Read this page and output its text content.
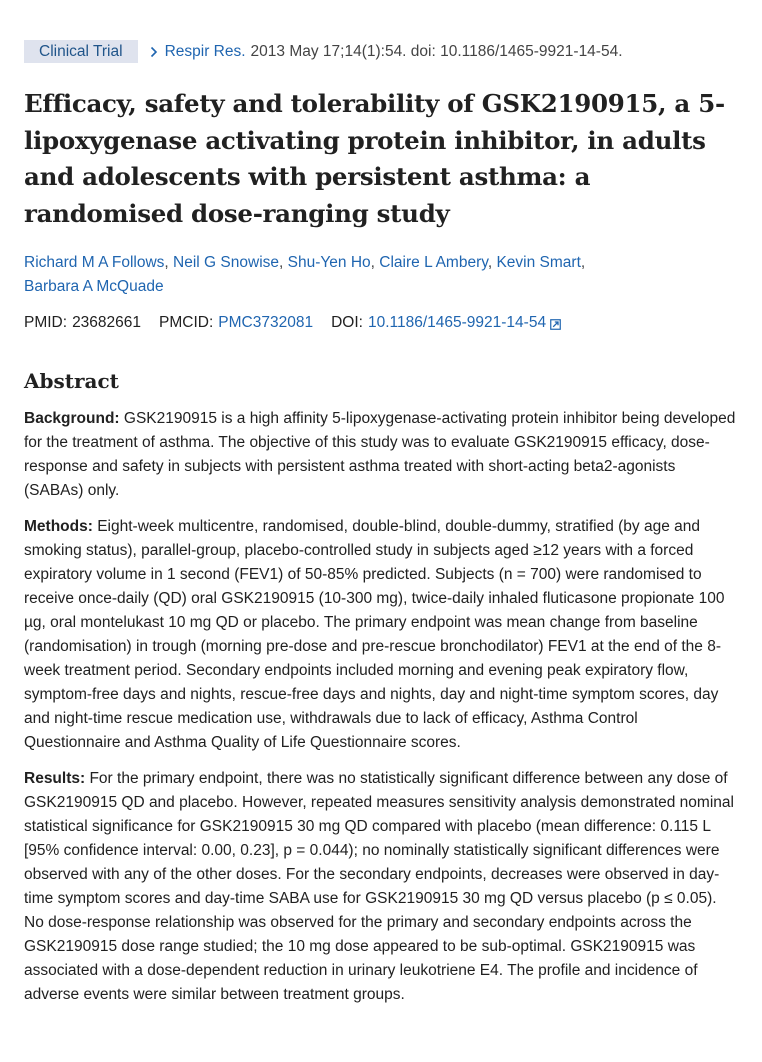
Clinical Trial	Respir Res. 2013 May 17;14(1):54. doi: 10.1186/1465-9921-14-54.
Efficacy, safety and tolerability of GSK2190915, a 5-lipoxygenase activating protein inhibitor, in adults and adolescents with persistent asthma: a randomised dose-ranging study
Richard M A Follows, Neil G Snowise, Shu-Yen Ho, Claire L Ambery, Kevin Smart,
Barbara A McQuade
PMID: 23682661 PMCID: PMC3732081 DOI: 10.1186/1465-9921-14-54
Abstract

Background: GSK2190915 is a high affinity 5-lipoxygenase-activating protein inhibitor being developed for the treatment of asthma. The objective of this study was to evaluate GSK2190915 efficacy, dose-response and safety in subjects with persistent asthma treated with short-acting beta2-agonists (SABAs) only.

Methods: Eight-week multicentre, randomised, double-blind, double-dummy, stratified (by age and smoking status), parallel-group, placebo-controlled study in subjects aged ≥12 years with a forced expiratory volume in 1 second (FEV1) of 50-85% predicted. Subjects (n = 700) were randomised to receive once-daily (QD) oral GSK2190915 (10-300 mg), twice-daily inhaled fluticasone propionate 100 µg, oral montelukast 10 mg QD or placebo. The primary endpoint was mean change from baseline (randomisation) in trough (morning pre-dose and pre-rescue bronchodilator) FEV1 at the end of the 8-week treatment period. Secondary endpoints included morning and evening peak expiratory flow, symptom-free days and nights, rescue-free days and nights, day and night-time symptom scores, day and night-time rescue medication use, withdrawals due to lack of efficacy, Asthma Control Questionnaire and Asthma Quality of Life Questionnaire scores.

Results: For the primary endpoint, there was no statistically significant difference between any dose of GSK2190915 QD and placebo. However, repeated measures sensitivity analysis demonstrated nominal statistical significance for GSK2190915 30 mg QD compared with placebo (mean difference: 0.115 L [95% confidence interval: 0.00, 0.23], p = 0.044); no nominally statistically significant differences were observed with any of the other doses. For the secondary endpoints, decreases were observed in day-time symptom scores and day-time SABA use for GSK2190915 30 mg QD versus placebo (p ≤ 0.05). No dose-response relationship was observed for the primary and secondary endpoints across the GSK2190915 dose range studied; the 10 mg dose appeared to be sub-optimal. GSK2190915 was associated with a dose-dependent reduction in urinary leukotriene E4. The profile and incidence of adverse events were similar between treatment groups.
